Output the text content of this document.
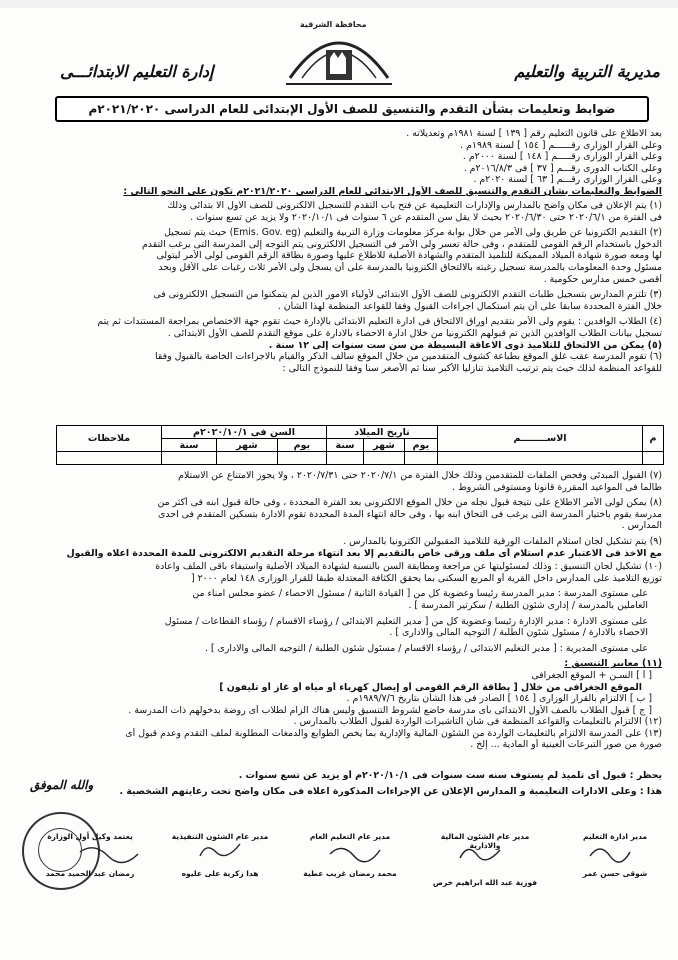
مديرية التربية والتعليم
إدارة التعليم الابتدائـــى
محافظة الشرقية
ضوابط وتعليمات بشأن التقدم والتنسيق للصف الأول الإبتدائى للعام الدراسى ٢٠٢١/٢٠٢٠م
بعد الاطلاع على قانون التعليم رقم [ ١٣٩ ] لسنة ١٩٨١م وتعديلاته .
وعلى القرار الوزارى رقــــــم [ ١٥٤ ] لسنة ١٩٨٩م .
وعلى القرار الوزارى رقـــــم [ ١٤٨ ] لسنة ٢٠٠٠م .
وعلى الكتاب الدورى رقـــم [ ٣٧ ] فى ٢٠١٦/٨/٣م .
وعلى القرار الوزارى رقـــم [ ٦٣ ] لسنة ٢٠٢٠م .
الضوابط والتعليمات بشأن التقدم والتنسيق للصف الأول الابتدائى للعام الدراسى ٢٠٢١/٢٠٢٠م تكون على النحو التالى :
(١) يتم الإعلان فى مكان واضح بالمدارس والإدارات التعليمية عن فتح باب التقدم للتسجيل الالكترونى للصف الاول الا بتدائى وذلك
فى الفترة من ٢٠٢٠/٦/١ حتى ٢٠٢٠/٦/٣٠ بحيث لا يقل سن المتقدم عن ٦ سنوات فى ٢٠٢٠/١٠/١ ولا يزيد عن تسع سنوات .
(٢) التقديم الكترونيا عن طريق ولى الأمر من خلال بوابة مركز معلومات وزارة التربية والتعليم (Emis. Gov. eg) حيث يتم تسجيل
الدخول باستخدام الرقم القومى للمتقدم ، وفى حالة تعسر ولى الأمر فى التسجيل الالكترونى يتم التوجه إلى المدرسة التى يرغب التقدم
لها ومعه صورة شهادة الميلاد المميكنة للتلميذ المتقدم والشهادة الأصلية للاطلاع عليها وصورة بطاقة الرقم القومى لولى الأمر ليتولى
مسئول وحدة المعلومات بالمدرسة تسجيل رغبته بالالتحاق الكترونيا بالمدرسة على أن يسجل ولى الأمر ثلاث رغبات على الأقل وبحد
أقصى خمس مدارس حكومية .
(٣) تلتزم المدارس بتسجيل طلبات التقدم الالكترونى للصف الأول الابتدائى لأولياء الامور الذين لم يتمكنوا من التسجيل الالكترونى فى
خلال الفترة المحددة سابقا على أن يتم استكمال اجراءات القبول وفقا للقواعد المنظمة لهذا الشأن .
(٤) الطلاب الوافدين : يقوم ولى الأمر بتقديم اوراق الالتحاق فى ادارة التعليم الابتدائى بالإدارة حيث تقوم جهة الاختصاص بمراجعة المستندات ثم يتم
تسجيل بيانات الطلاب الوافدين الذين تم قبولهم الكترونيا من خلال ادارة الاحصاء بالادارة على موقع التقدم للصف الأول الابتدائى .
(٥) يمكن من الالتحاق للتلاميذ ذوى الاعاقة البسيطة من سن ست سنوات إلى ١٢ سنة .
(٦) تقوم المدرسة عقب غلق الموقع بطباعة كشوف المتقدمين من خلال الموقع سالف الذكر والقيام بالاجراءات الخاصة بالقبول وفقا
للقواعد المنظمة لذلك حيث يتم ترتيب التلاميذ تنازليا الأكبر سنا ثم الأصغر سنا وفقا للنموذج التالى :
م	الاســــــــم	تاريخ الميلاد			السن فى ٢٠٢٠/١٠/١م			ملاحظات
		يوم	شهر	سنة	يوم	شهر	سنة	

(٧) القبول المبدئى وفحص الملفات للمتقدمين وذلك خلال الفترة من ٢٠٢٠/٧/١ حتى ٢٠٢٠/٧/٣١ ، ولا يجوز الامتناع عن الاستلام
طالما فى المواعيد المقررة قانونا ومستوفى الشروط .
(٨) يمكن لولى الأمر الاطلاع على نتيجة قبول نجله من خلال الموقع الالكترونى بعد الفترة المحددة ، وفى حالة قبول ابنه فى أكثر من
مدرسة يقوم باختيار المدرسة التى يرغب فى التحاق ابنه بها ، وفى حالة انتهاء المدة المحددة تقوم الادارة بتسكين المتقدم فى احدى
المدارس .
(٩) يتم تشكيل لجان استلام الملفات الورقية للتلاميذ المقبولين الكترونيا بالمدارس .
مع الاخذ فى الاعتبار عدم استلام أى ملف ورقى خاص بالتقديم إلا بعد انتهاء مرحلة التقديم الالكترونى للمدة المحددة اعلاه والقبول
(١٠) تشكيل لجان التنسيق : وذلك لمسئوليتها عن مراجعة ومطابقة السن بالنسبة لشهادة الميلاد الأصلية واستيفاء باقى الملف واعادة
توزيع التلاميذ على المدارس داخل القرية أو المربع السكنى بما يحقق الكثافة المعتدلة طبقا للقرار الوزارى ١٤٨ لعام ٢٠٠٠ [
على مستوى المدرسة : مدير المدرسة رئيسا وعضوية كل من [ القيادة الثانية / مسئول الاحصاء / عضو مجلس امناء من
العاملين بالمدرسة / إدارى شئون الطلبة / سكرتير المدرسة ] .
على مستوى الادارة : مدير الإدارة رئيسا وعضوية كل من [ مدير التعليم الابتدائى / رؤساء الاقسام / رؤساء القطاعات / مسئول
الاحصاء بالادارة / مسئول شئون الطلبة / التوجيه المالى والادارى ] .
على مستوى المديرية : [ مدير التعليم الابتدائى / رؤساء الاقسام / مسئول شئون الطلبة / التوجيه المالى والادارى ] .
(١١) معايير التنسيق :
[ أ ] السـن + الموقع الجغرافى
الموقع الجغرافى من خلال [ بطاقة الرقم القومى أو إيصال كهرباء أو مياه أو غاز أو تليفون ]
[ ب ] الالتزام بالقرار الوزارى [ ١٥٤ ] الصادر فى هذا الشأن بتاريخ ١٩٨٩/٧/٦م .
[ ج ] قبول الطلاب بالصف الأول الابتدائى بأى مدرسة خاضع لشروط التنسيق وليس هناك الزام لطلاب أى روضة بدخولهم ذات المدرسة .
(١٢) الالتزام بالتعليمات والقواعد المنظمة فى شأن التأشيرات الواردة لقبول الطلاب بالمدارس .
(١٣) على المدرسة الالتزام بالتعليمات الواردة من الشئون المالية والإدارية بما يخص الطوابع والدمغات المطلوبة لملف التقدم وعدم قبول أى
صورة من صور التبرعات العينية أو المادية ... إلخ .
يحظر : قبول أى تلميذ لم يستوف سنه ست سنوات فى ٢٠٢٠/١٠/١م أو يزيد عن تسع سنوات .
هذا : وعلى الادارات التعليمية و المدارس الإعلان عن الإجراءات المذكورة اعلاه فى مكان واضح تحت رعايتهم الشخصية .
والله الموفق
مدير ادارة التعليم
شوقى حسن عمر
مدير عام الشئون المالية والادارية
فوزية عبد الله ابراهيم خرص
مدير عام التعليم العام
محمد رمضان غريب عطية
مدير عام الشئون التنفيذية
هدا زكرية على عليوه
يعتمد وكيل أول الوزارة
رمضان عبد الحميد محمد
